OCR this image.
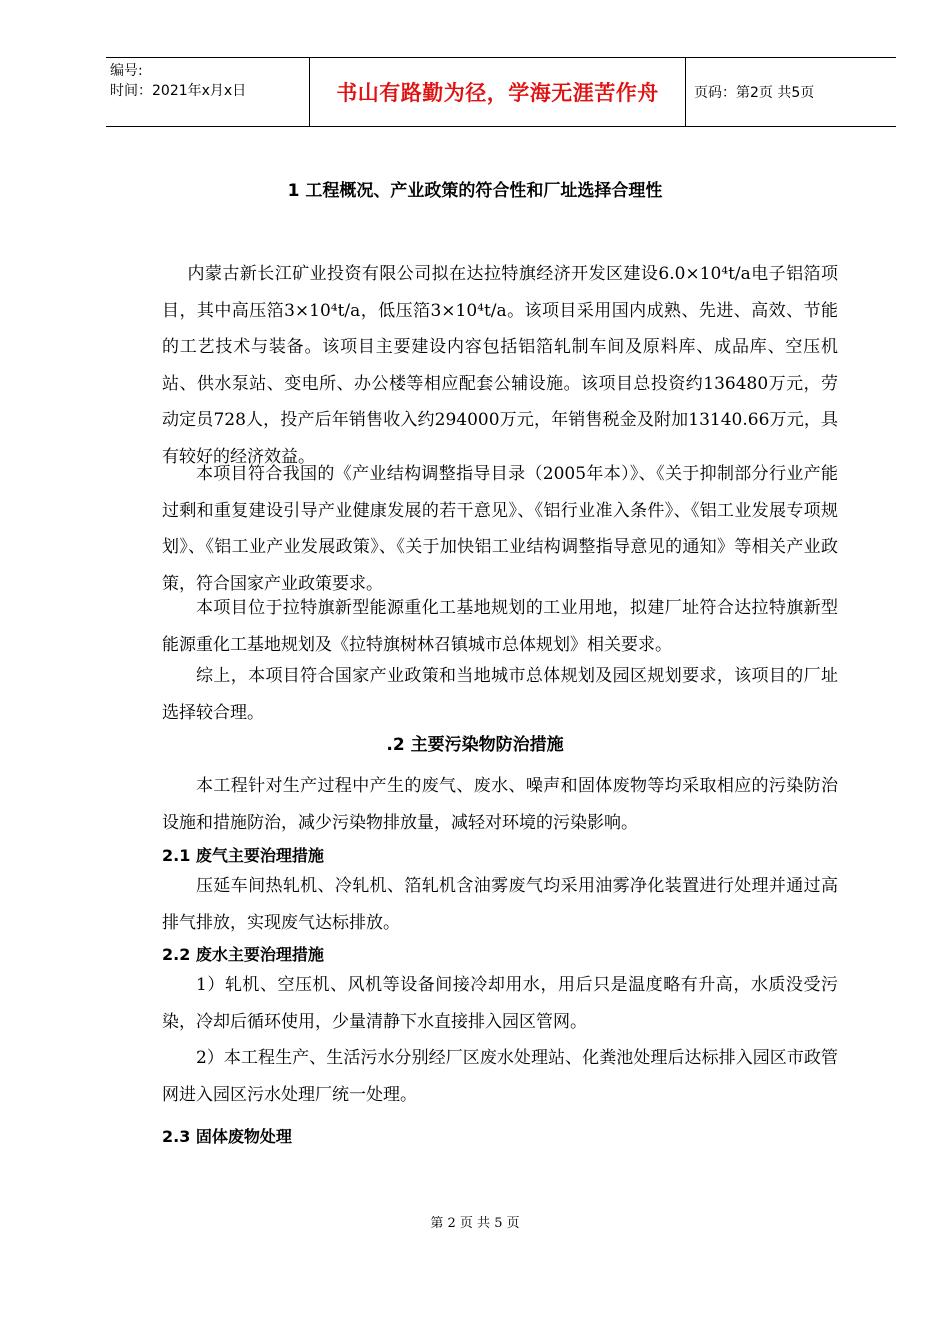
编号:
时间：2021年x月x日	书山有路勤为径，学海无涯苦作舟	页码：第2页 共5页
1 工程概况、产业政策的符合性和厂址选择合理性

内蒙古新长江矿业投资有限公司拟在达拉特旗经济开发区建设6.0×10⁴t/a电子铝箔项目，其中高压箔3×10⁴t/a，低压箔3×10⁴t/a。该项目采用国内成熟、先进、高效、节能的工艺技术与装备。该项目主要建设内容包括铝箔轧制车间及原料库、成品库、空压机站、供水泵站、变电所、办公楼等相应配套公辅设施。该项目总投资约136480万元，劳动定员728人，投产后年销售收入约294000万元，年销售税金及附加13140.66万元，具有较好的经济效益。

本项目符合我国的《产业结构调整指导目录（2005年本）》、《关于抑制部分行业产能过剩和重复建设引导产业健康发展的若干意见》、《铝行业准入条件》、《铝工业发展专项规划》、《铝工业产业发展政策》、《关于加快铝工业结构调整指导意见的通知》等相关产业政策，符合国家产业政策要求。

本项目位于拉特旗新型能源重化工基地规划的工业用地，拟建厂址符合达拉特旗新型能源重化工基地规划及《拉特旗树林召镇城市总体规划》相关要求。

综上，本项目符合国家产业政策和当地城市总体规划及园区规划要求，该项目的厂址选择较合理。

.2 主要污染物防治措施

本工程针对生产过程中产生的废气、废水、噪声和固体废物等均采取相应的污染防治设施和措施防治，减少污染物排放量，减轻对环境的污染影响。

2.1 废气主要治理措施

压延车间热轧机、冷轧机、箔轧机含油雾废气均采用油雾净化装置进行处理并通过高排气排放，实现废气达标排放。

2.2 废水主要治理措施

1）轧机、空压机、风机等设备间接冷却用水，用后只是温度略有升高，水质没受污染，冷却后循环使用，少量清静下水直接排入园区管网。

2）本工程生产、生活污水分别经厂区废水处理站、化粪池处理后达标排入园区市政管网进入园区污水处理厂统一处理。

2.3 固体废物处理
第 2 页 共 5 页
